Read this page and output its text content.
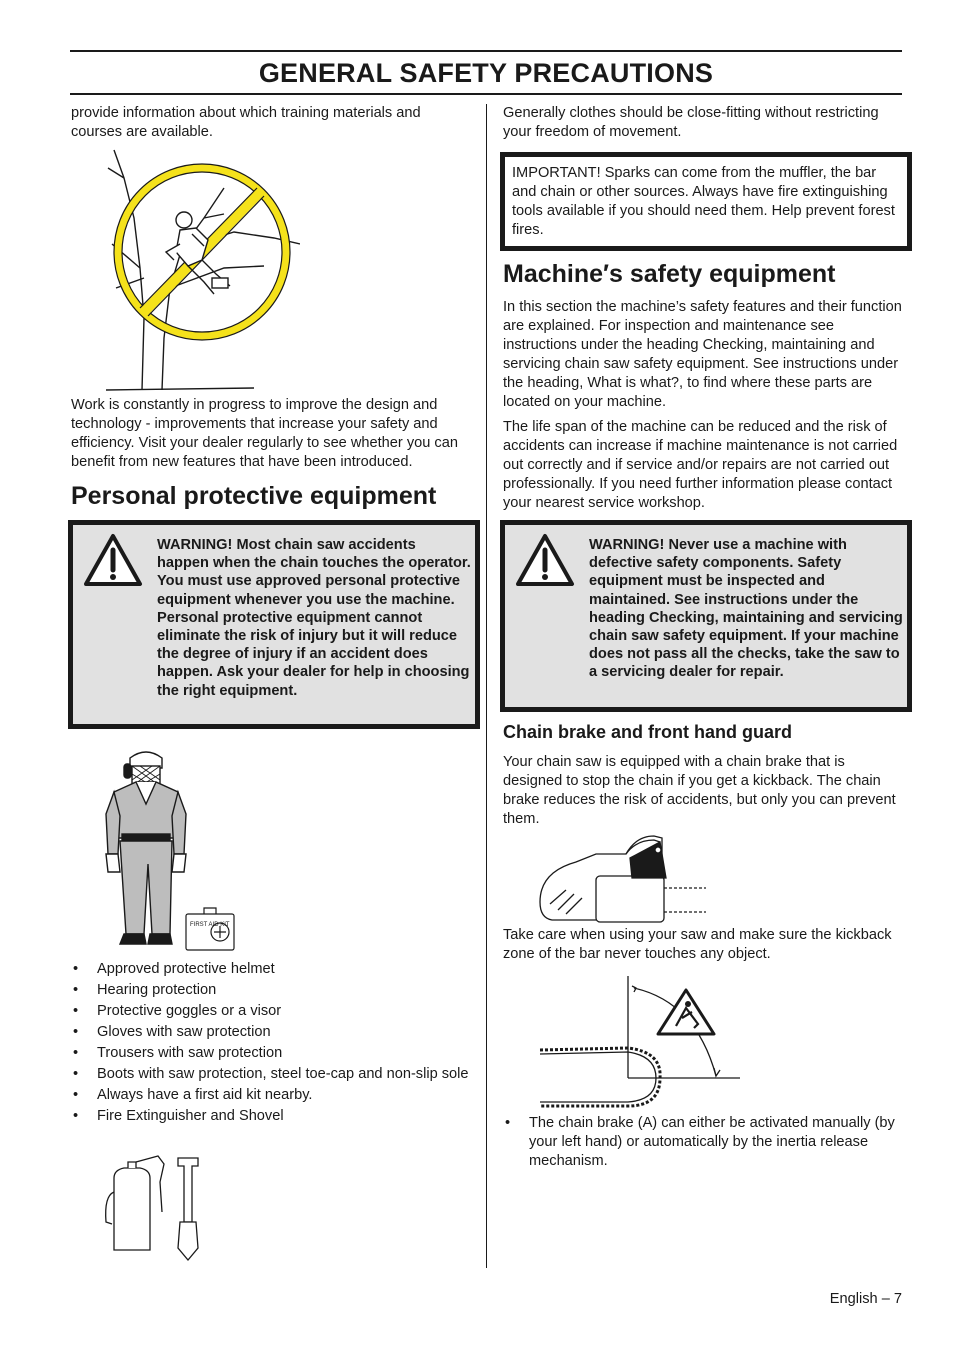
GENERAL SAFETY PRECAUTIONS

provide information about which training materials and courses are available.

Work is constantly in progress to improve the design and technology - improvements that increase your safety and efficiency. Visit your dealer regularly to see whether you can benefit from new features that have been introduced.

Personal protective equipment
WARNING! Most chain saw accidents happen when the chain touches the operator. You must use approved personal protective equipment whenever you use the machine. Personal protective equipment cannot eliminate the risk of injury but it will reduce the degree of injury if an accident does happen. Ask your dealer for help in choosing the right equipment.
FIRST AID KIT
• Approved protective helmet
• Hearing protection
• Protective goggles or a visor
• Gloves with saw protection
• Trousers with saw protection
• Boots with saw protection, steel toe-cap and non-slip sole
• Always have a first aid kit nearby.
• Fire Extinguisher and Shovel

Generally clothes should be close-fitting without restricting your freedom of movement.

IMPORTANT! Sparks can come from the muffler, the bar and chain or other sources. Always have fire extinguishing tools available if you should need them. Help prevent forest fires.
Machine′s safety equipment

In this section the machine’s safety features and their function are explained. For inspection and maintenance see instructions under the heading Checking, maintaining and servicing chain saw safety equipment. See instructions under the heading, What is what?, to find where these parts are located on your machine.

The life span of the machine can be reduced and the risk of accidents can increase if machine maintenance is not carried out correctly and if service and/or repairs are not carried out professionally. If you need further information please contact your nearest service workshop.

WARNING! Never use a machine with defective safety components. Safety equipment must be inspected and maintained. See instructions under the heading Checking, maintaining and servicing chain saw safety equipment. If your machine does not pass all the checks, take the saw to a servicing dealer for repair.
Chain brake and front hand guard

Your chain saw is equipped with a chain brake that is designed to stop the chain if you get a kickback. The chain brake reduces the risk of accidents, but only you can prevent them.

Take care when using your saw and make sure the kickback zone of the bar never touches any object.

• The chain brake (A) can either be activated manually (by your left hand) or automatically by the inertia release mechanism.
English – 7
